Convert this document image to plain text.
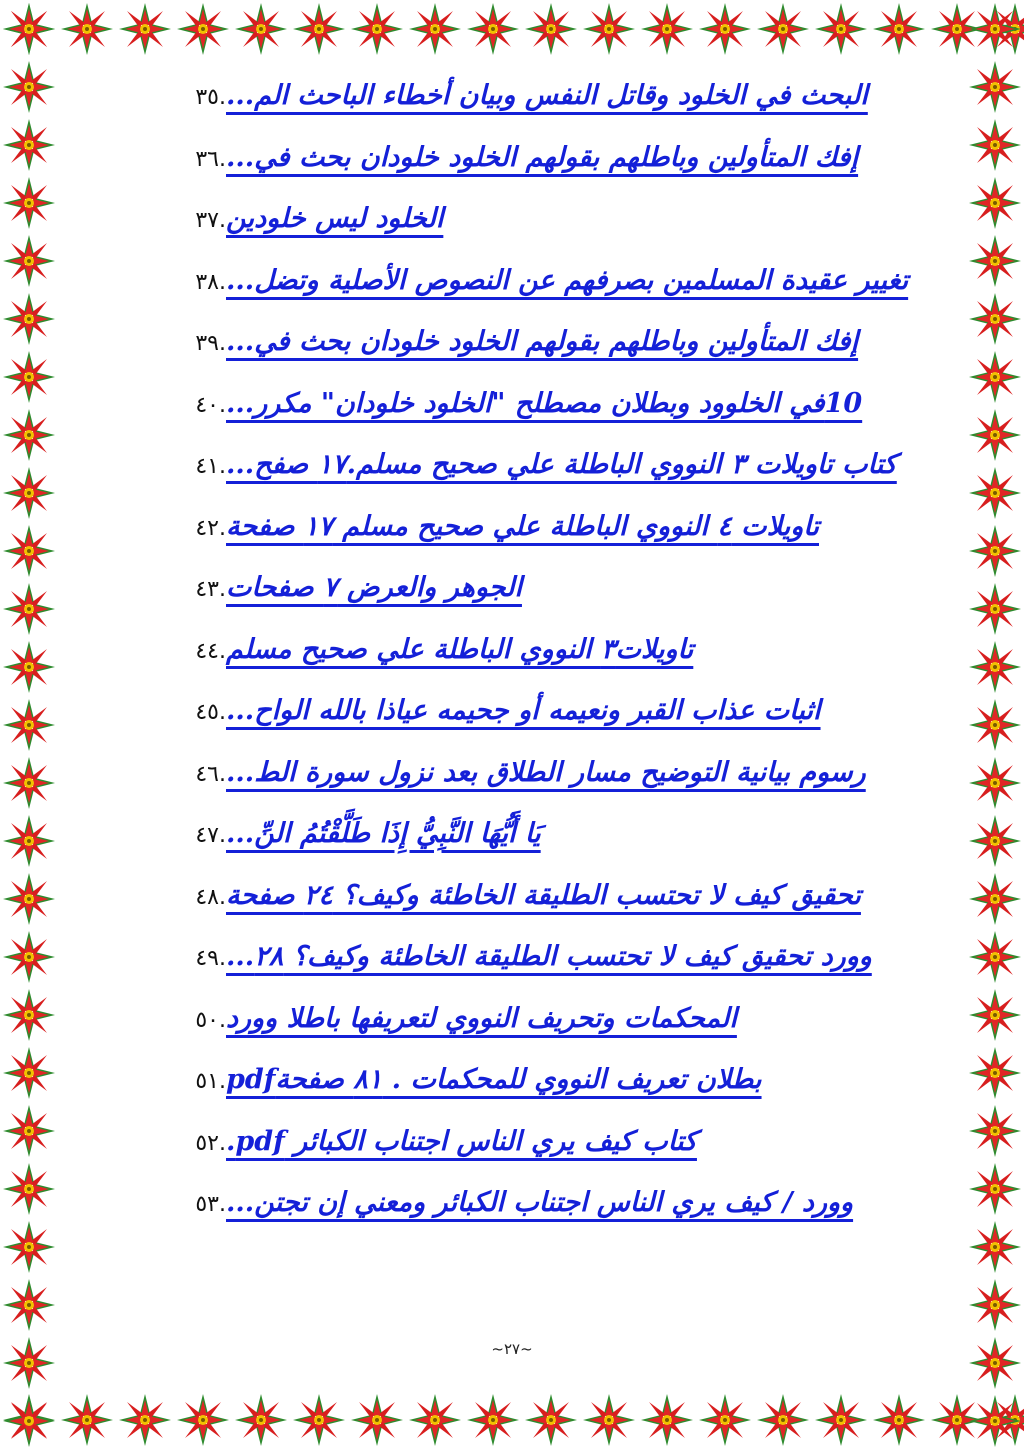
.٣٥ البحث في الخلود وقاتل النفس وبيان أخطاء الباحث الم...
.٣٦ إفك المتأولين وباطلهم بقولهم الخلود خلودان بحث في...
.٣٧ الخلود ليس خلودين
.٣٨ تغيير عقيدة المسلمين بصرفهم عن النصوص الأصلية وتضل...
.٣٩ إفك المتأولين وباطلهم بقولهم الخلود خلودان بحث في...
.٤٠ 10في الخلوود وبطلان مصطلح "الخلود خلودان" مكرر...
.٤١ كتاب تاويلات ٣ النووي الباطلة علي صحيح مسلم.١٧ صفح...
.٤٢ تاويلات ٤ النووي الباطلة علي صحيح مسلم ١٧ صفحة
.٤٣ الجوهر والعرض ٧ صفحات
.٤٤ تاويلات٣ النووي الباطلة علي صحيح مسلم
.٤٥ اثبات عذاب القبر ونعيمه أو جحيمه عياذا بالله الواح...
.٤٦ رسوم بيانية التوضيح مسار الطلاق بعد نزول سورة الط...
.٤٧ يَا أَيُّهَا النَّبِيُّ إِذَا طَلَّقْتُمُ النِّ...
.٤٨ تحقيق كيف لا تحتسب الطليقة الخاطئة وكيف؟ ٢٤ صفحة
.٤٩ وورد تحقيق كيف لا تحتسب الطليقة الخاطئة وكيف؟ ٢٨...
.٥٠ المحكمات وتحريف النووي لتعريفها باطلا وورد
.٥١ بطلان تعريف النووي للمحكمات . ٨١ صفحةpdf
.٥٢ كتاب كيف يري الناس اجتناب الكبائر pdf.
.٥٣ وورد / كيف يري الناس اجتناب الكبائر ومعني إن تجتن...
~٢٧~
